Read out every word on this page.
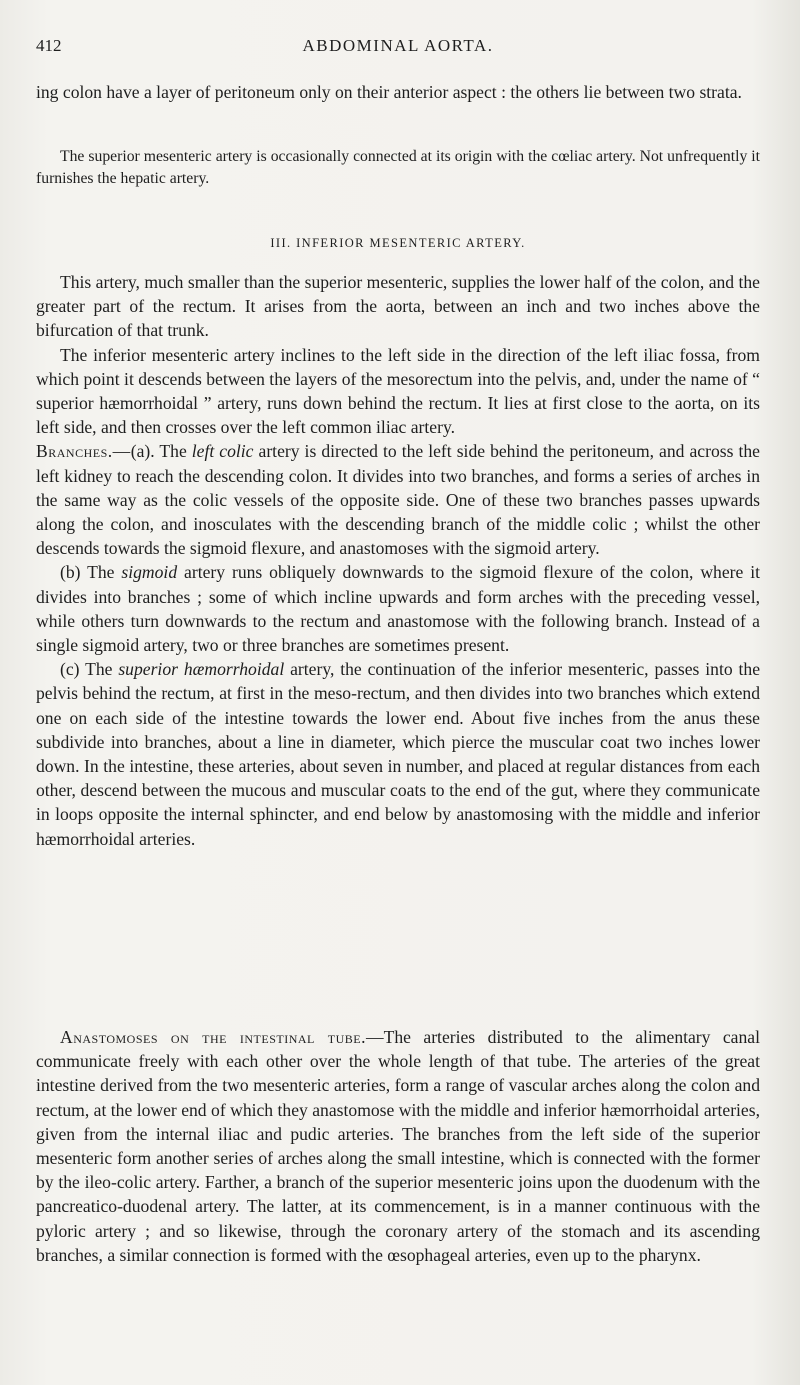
412	ABDOMINAL AORTA.

ing colon have a layer of peritoneum only on their anterior aspect : the others lie between two strata.

The superior mesenteric artery is occasionally connected at its origin with the cœliac artery. Not unfrequently it furnishes the hepatic artery.

III. INFERIOR MESENTERIC ARTERY.

This artery, much smaller than the superior mesenteric, supplies the lower half of the colon, and the greater part of the rectum. It arises from the aorta, between an inch and two inches above the bifurcation of that trunk.

The inferior mesenteric artery inclines to the left side in the direction of the left iliac fossa, from which point it descends between the layers of the mesorectum into the pelvis, and, under the name of “ superior hæmorrhoidal ” artery, runs down behind the rectum. It lies at first close to the aorta, on its left side, and then crosses over the left common iliac artery.

Branches.—(a). The left colic artery is directed to the left side behind the peritoneum, and across the left kidney to reach the descending colon. It divides into two branches, and forms a series of arches in the same way as the colic vessels of the opposite side. One of these two branches passes upwards along the colon, and inosculates with the descending branch of the middle colic ; whilst the other descends towards the sigmoid flexure, and anastomoses with the sigmoid artery.

(b) The sigmoid artery runs obliquely downwards to the sigmoid flexure of the colon, where it divides into branches ; some of which incline upwards and form arches with the preceding vessel, while others turn downwards to the rectum and anastomose with the following branch. Instead of a single sigmoid artery, two or three branches are sometimes present.

(c) The superior hæmorrhoidal artery, the continuation of the inferior mesenteric, passes into the pelvis behind the rectum, at first in the meso-rectum, and then divides into two branches which extend one on each side of the intestine towards the lower end. About five inches from the anus these subdivide into branches, about a line in diameter, which pierce the muscular coat two inches lower down. In the intestine, these arteries, about seven in number, and placed at regular distances from each other, descend between the mucous and muscular coats to the end of the gut, where they communicate in loops opposite the internal sphincter, and end below by anastomosing with the middle and inferior hæmorrhoidal arteries.

Anastomoses on the intestinal tube.—The arteries distributed to the alimentary canal communicate freely with each other over the whole length of that tube. The arteries of the great intestine derived from the two mesenteric arteries, form a range of vascular arches along the colon and rectum, at the lower end of which they anastomose with the middle and inferior hæmorrhoidal arteries, given from the internal iliac and pudic arteries. The branches from the left side of the superior mesenteric form another series of arches along the small intestine, which is connected with the former by the ileo-colic artery. Farther, a branch of the superior mesenteric joins upon the duodenum with the pancreatico-duodenal artery. The latter, at its commencement, is in a manner continuous with the pyloric artery ; and so likewise, through the coronary artery of the stomach and its ascending branches, a similar connection is formed with the œsophageal arteries, even up to the pharynx.
